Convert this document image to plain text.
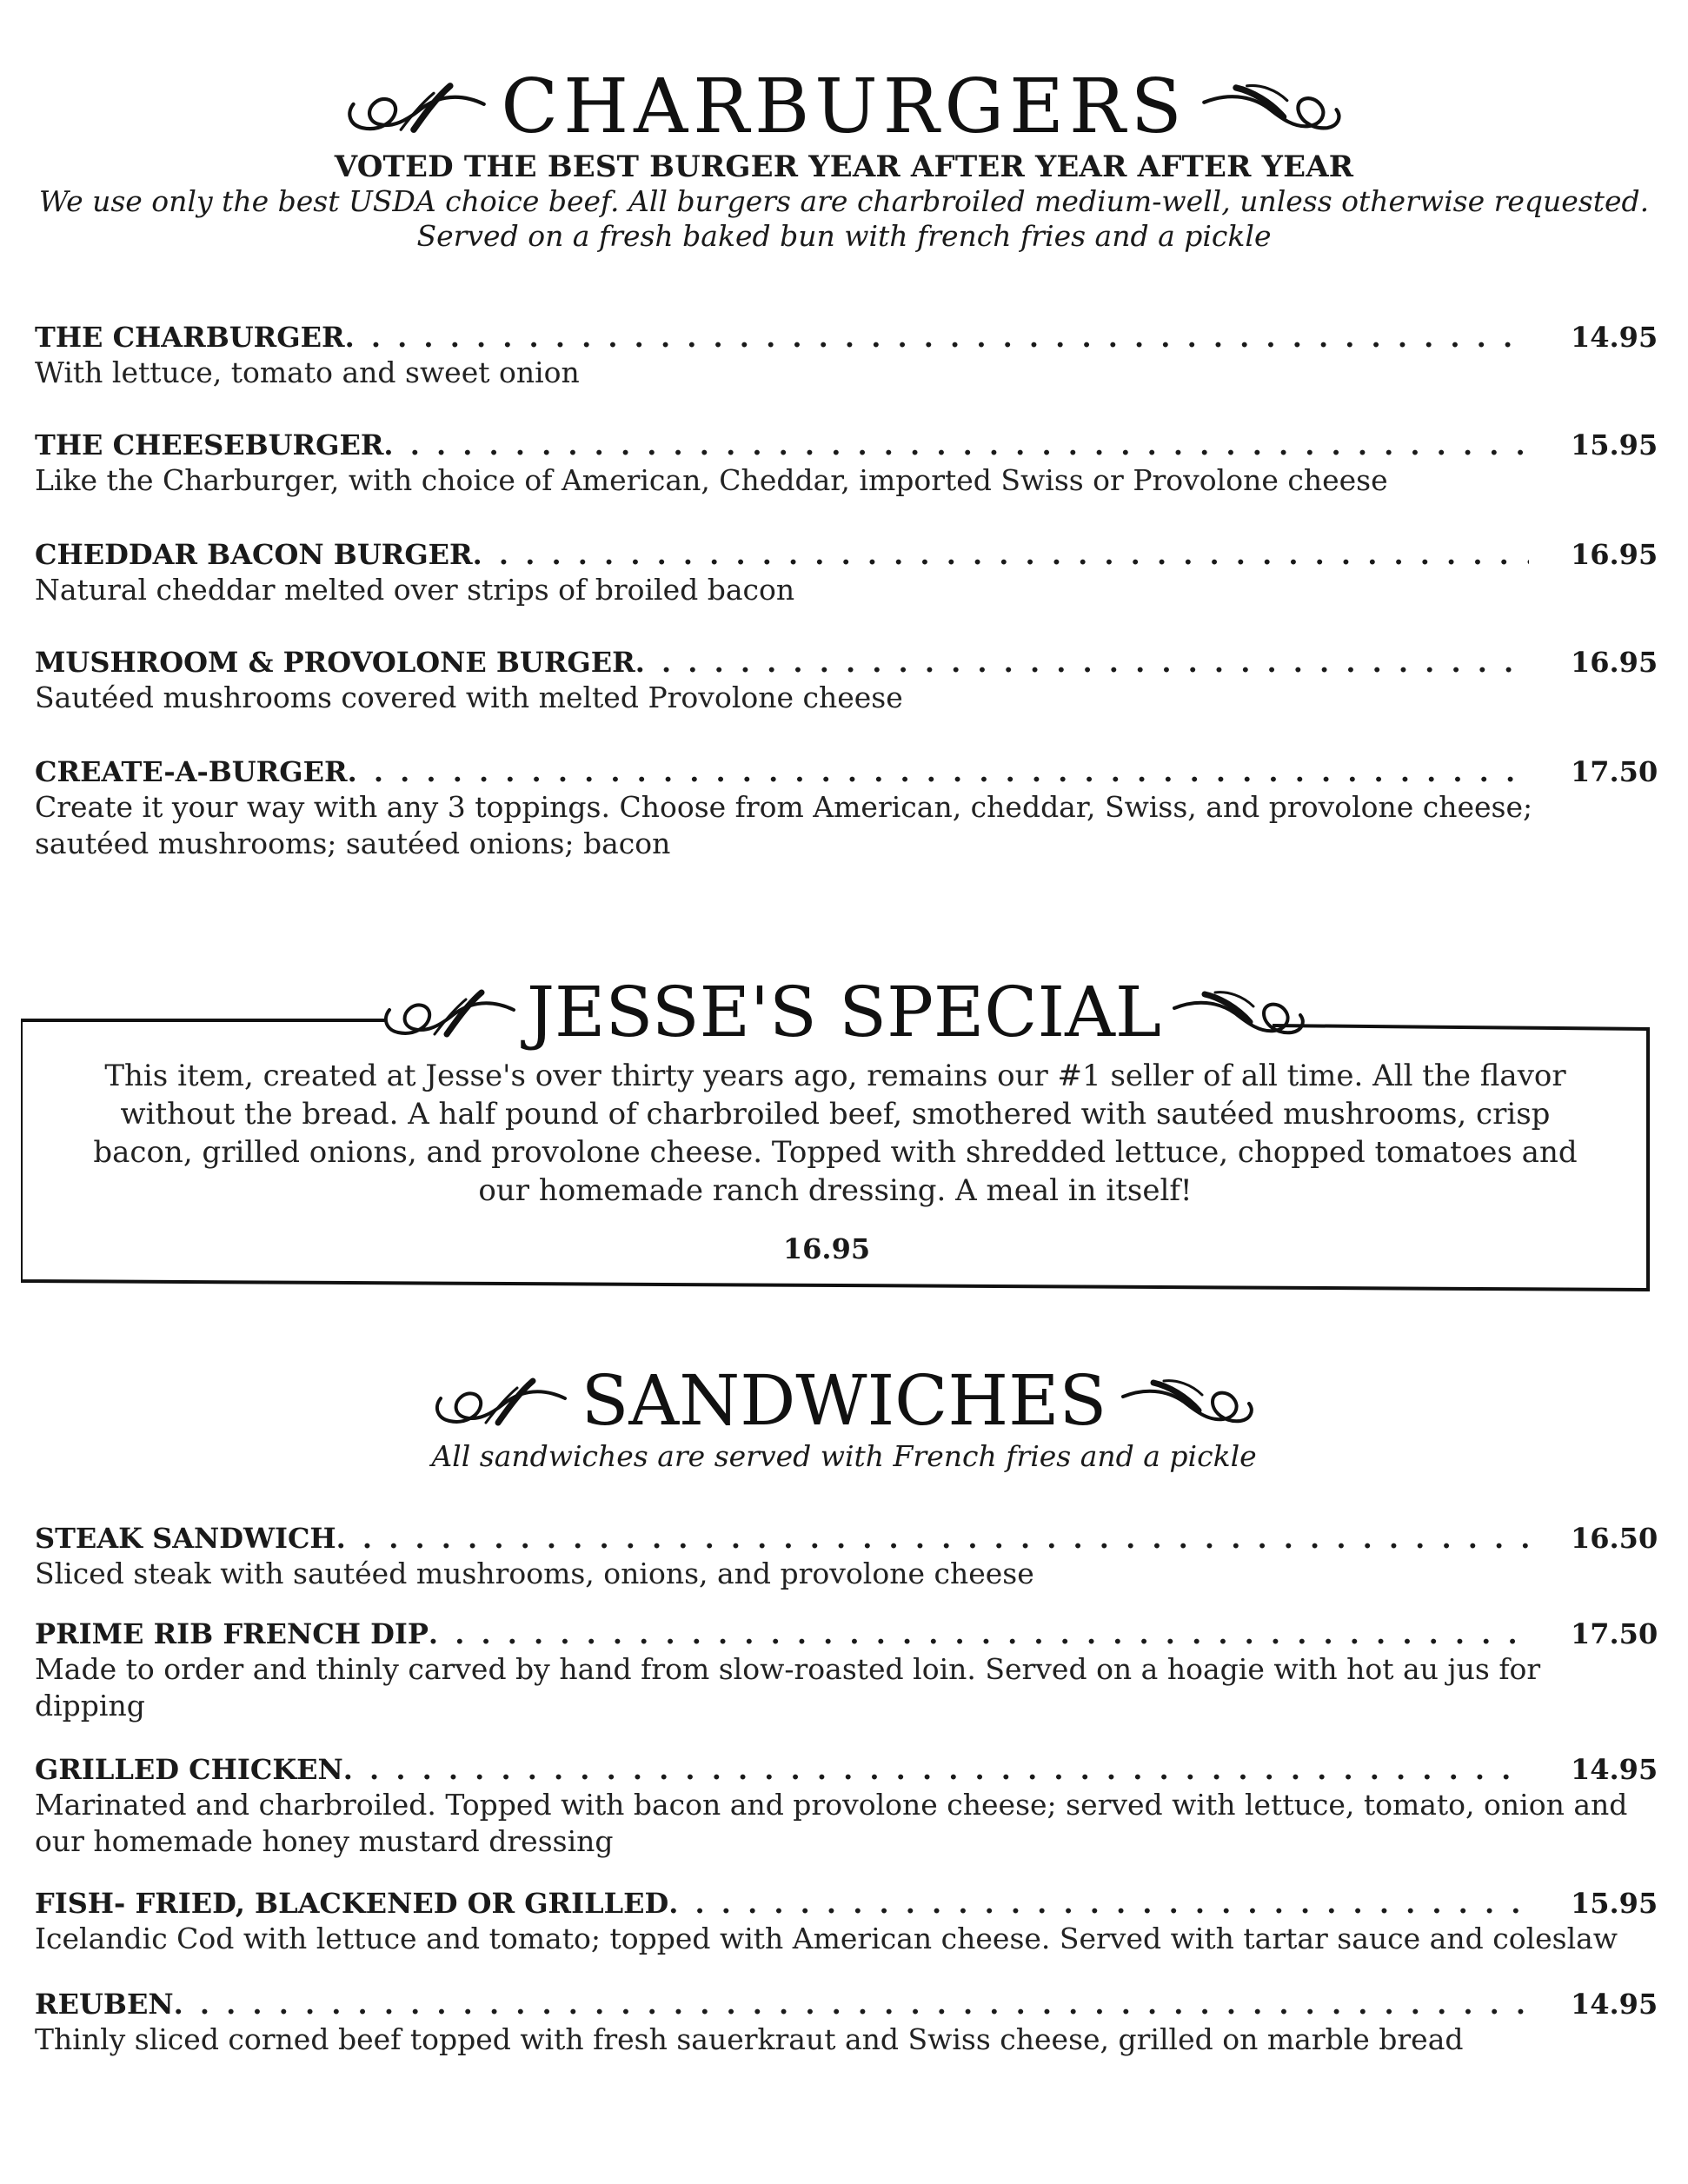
CHARBURGERS
VOTED THE BEST BURGER YEAR AFTER YEAR AFTER YEAR
We use only the best USDA choice beef. All burgers are charbroiled medium-well, unless otherwise requested.
Served on a fresh baked bun with french fries and a pickle
THE CHARBURGER . . .	14.95
With lettuce, tomato and sweet onion
THE CHEESEBURGER . . .	15.95
Like the Charburger, with choice of American, Cheddar, imported Swiss or Provolone cheese
CHEDDAR BACON BURGER . . .	16.95
Natural cheddar melted over strips of broiled bacon
MUSHROOM & PROVOLONE BURGER . . .	16.95
Sautéed mushrooms covered with melted Provolone cheese
CREATE-A-BURGER . . .	17.50
Create it your way with any 3 toppings. Choose from American, cheddar, Swiss, and provolone cheese;
sautéed mushrooms; sautéed onions; bacon
JESSE'S SPECIAL
This item, created at Jesse's over thirty years ago, remains our #1 seller of all time. All the flavor
without the bread. A half pound of charbroiled beef, smothered with sautéed mushrooms, crisp
bacon, grilled onions, and provolone cheese. Topped with shredded lettuce, chopped tomatoes and
our homemade ranch dressing. A meal in itself!
16.95
SANDWICHES
All sandwiches are served with French fries and a pickle
STEAK SANDWICH . . .	16.50
Sliced steak with sautéed mushrooms, onions, and provolone cheese
PRIME RIB FRENCH DIP . . .	17.50
Made to order and thinly carved by hand from slow-roasted loin. Served on a hoagie with hot au jus for
dipping
GRILLED CHICKEN . . .	14.95
Marinated and charbroiled. Topped with bacon and provolone cheese; served with lettuce, tomato, onion and
our homemade honey mustard dressing
FISH- FRIED, BLACKENED OR GRILLED . . .	15.95
Icelandic Cod with lettuce and tomato; topped with American cheese. Served with tartar sauce and coleslaw
REUBEN . . .	14.95
Thinly sliced corned beef topped with fresh sauerkraut and Swiss cheese, grilled on marble bread
